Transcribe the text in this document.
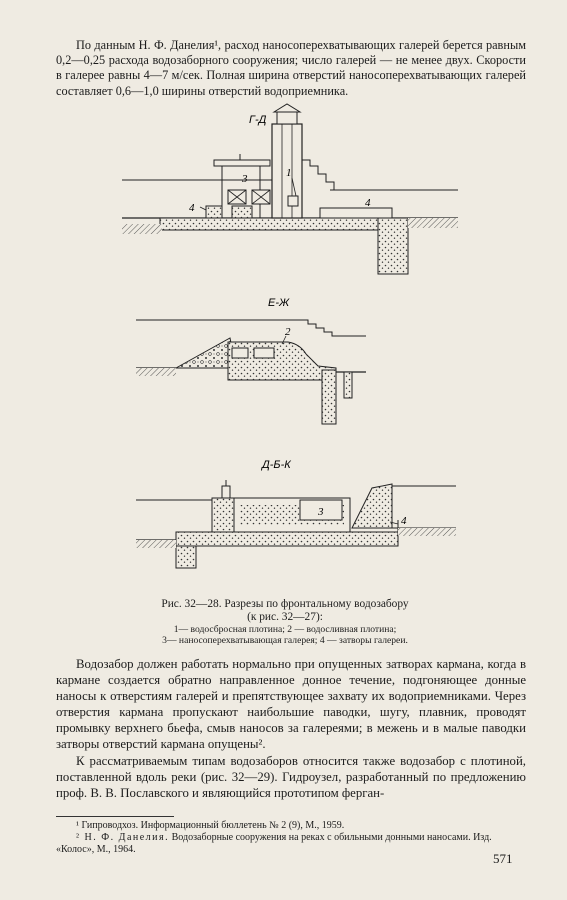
По данным Н. Ф. Данелия¹, расход наносоперехватывающих галерей берется равным 0,2—0,25 расхода водозаборного сооружения; число галерей — не менее двух. Скорости в галерее равны 4—7 м/сек. Полная ширина отверстий наносоперехватывающих галерей составляет 0,6—1,0 ширины отверстий водоприемника.

Г-Д
3
4
1
4
Е-Ж
2
Д-Б-К
3
4
Рис. 32—28. Разрезы по фронтальному водозабору
(к рис. 32—27):
1— водосбросная плотина; 2 — водосливная плотина;
3— наносоперехватывающая галерея; 4 — затворы галереи.

Водозабор должен работать нормально при опущенных затворах кармана, когда в кармане создается обратно направленное донное течение, подгоняющее донные наносы к отверстиям галерей и препятствующее захвату их водоприемниками. Через отверстия кармана пропускают наибольшие паводки, шугу, плавник, проводят промывку верхнего бьефа, смыв наносов за галереями; в межень и в малые паводки затворы отверстий кармана опущены².

К рассматриваемым типам водозаборов относится также водозабор с плотиной, поставленной вдоль реки (рис. 32—29). Гидроузел, разработанный по предложению проф. В. В. Пославского и являющийся прототипом ферган-

¹ Гипроводхоз. Информационный бюллетень № 2 (9), М., 1959.

² Н. Ф. Данелия. Водозаборные сооружения на реках с обильными донными наносами. Изд. «Колос», М., 1964.

571
